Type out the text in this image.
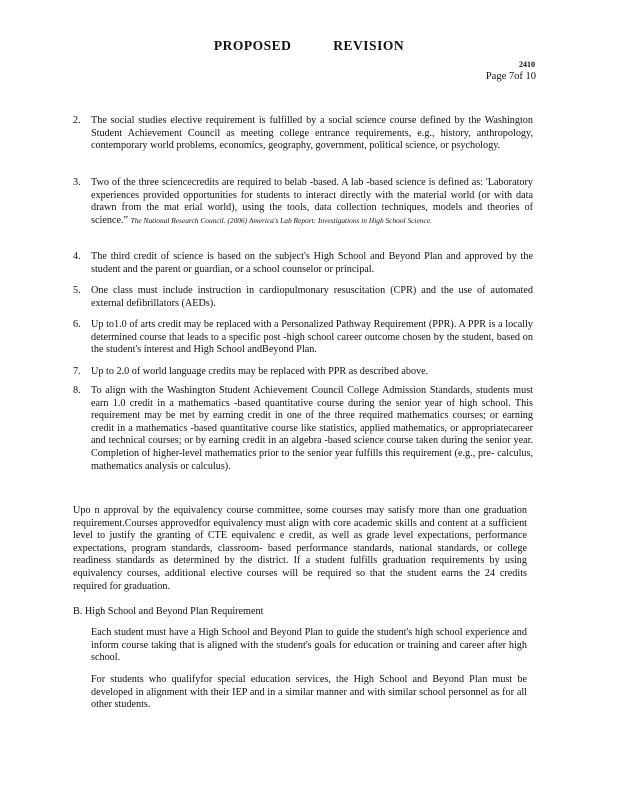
PROPOSED REVISION
2410
Page 7of 10
2. The social studies elective requirement is fulfilled by a social science course defined by the Washington Student Achievement Council as meeting college entrance requirements, e.g., history, anthropology, contemporary world problems, economics, geography, government, political science, or psychology.
3. Two of the three sciencecredits are required to belab -based. A lab -based science is defined as: 'Laboratory experiences provided opportunities for students to interact directly with the material world (or with data drawn from the mat erial world), using the tools, data collection techniques, models and theories of science.” The National Research Council. (2006) America's Lab Report: Investigations in High School Science.
4. The third credit of science is based on the subject's High School and Beyond Plan and approved by the student and the parent or guardian, or a school counselor or principal.
5. One class must include instruction in cardiopulmonary resuscitation (CPR) and the use of automated external defibrillators (AEDs).
6. Up to1.0 of arts credit may be replaced with a Personalized Pathway Requirement (PPR). A PPR is a locally determined course that leads to a specific post -high school career outcome chosen by the student, based on the student's interest and High School andBeyond Plan.
7. Up to 2.0 of world language credits may be replaced with PPR as described above.
8. To align with the Washington Student Achievement Council College Admission Standards, students must earn 1.0 credit in a mathematics -based quantitative course during the senior year of high school. This requirement may be met by earning credit in one of the three required mathematics courses; or earning credit in a mathematics -based quantitative course like statistics, applied mathematics, or appropriatecareer and technical courses; or by earning credit in an algebra -based science course taken during the senior year. Completion of higher-level mathematics prior to the senior year fulfills this requirement (e.g., pre- calculus, mathematics analysis or calculus).
Upo n approval by the equivalency course committee, some courses may satisfy more than one graduation requirement.Courses approvedfor equivalency must align with core academic skills and content at a sufficient level to justify the granting of CTE equivalenc e credit, as well as grade level expectations, performance expectations, program standards, classroom- based performance standards, national standards, or college readiness standards as determined by the district. If a student fulfills graduation requirements by using equivalency courses, additional elective courses will be required so that the student earns the 24 credits required for graduation.
B. High School and Beyond Plan Requirement
Each student must have a High School and Beyond Plan to guide the student's high school experience and inform course taking that is aligned with the student's goals for education or training and career after high school.
For students who qualifyfor special education services, the High School and Beyond Plan must be developed in alignment with their IEP and in a similar manner and with similar school personnel as for all other students.
